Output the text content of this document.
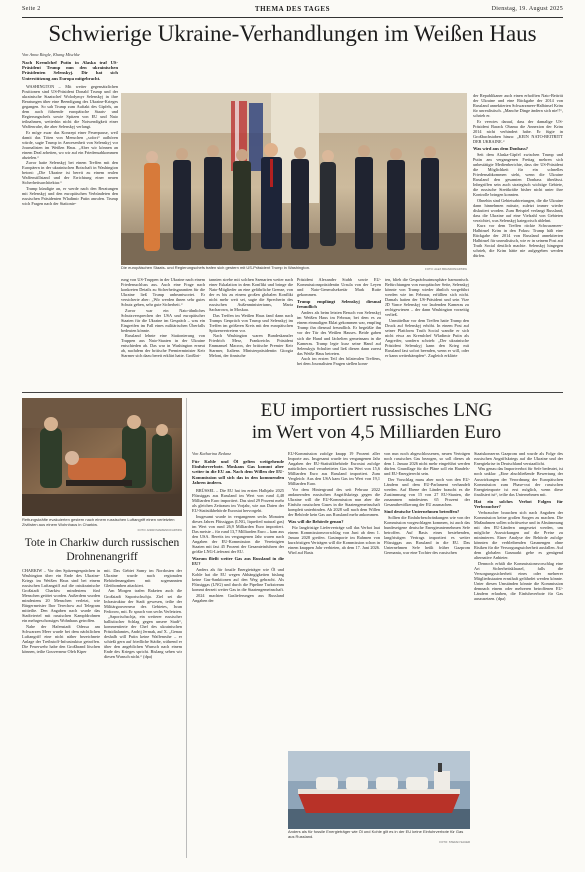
Seite 2	THEMA DES TAGES	Dienstag, 19. August 2025
Schwierige Ukraine-Verhandlungen im Weißen Haus
Von Anna Ringle, Khang Mischke

Nach Kremlchef Putin in Alaska traf US-Präsident Trump nun den ukrainischen Präsidenten Selenskyj. Dir hat sich Unterstützung aus Europa mitgebracht.

WASHINGTON – Mit weiter gegensätzlichen Positionen sind US-Präsident Donald Trump und der ukrainische Staatschef Wolodymyr Selenskyj in ihre Beratungen über eine Beendigung des Ukraine-Krieges gegangen. So sah Trump zum Auftakt des Gipfels, an dem auch führende europäische Staats- und Regierungschefs sowie Spitzen von EU und Nato teilnahmen, weiterhin nicht die Notwendigkeit einer Waffenruhe, die aber Selenskyj verlangt.

Er möge zwar das Konzept einer Feuerpause, weil damit das Töten von Menschen „sofort“ aufhören würde, sagte Trump in Anwesenheit von Selenskyj vor Journalisten im Weißen Haus. „Aber wir können an einem Deal arbeiten, wo wir auf ein Friedensabkommen abzielen.“

Zuvor hatte Selenskyj bei einem Treffen mit den Europäern in der ukrainischen Botschaft in Washington betont: „Die Ukraine ist bereit zu einem realen Waffenstillstand und der Errichtung einer neuen Sicherheitsarchitektur.“

Trump kündigte an, er werde nach den Beratungen mit Selenskyj und den europäischen Verbündeten den russischen Präsidenten Wladimir Putin anrufen. Trump wich Fragen nach der Stationie-

Die europäischen Staats- und Regierungschefs trafen sich gestern mit US-Präsident Trump in Washington.	FOTO: ALEX BRANDON/AP/DPA

rung von US-Truppen in der Ukraine nach einem Friedensschluss aus. Auch eine Frage nach konkreten Details zu Sicherheitsgarantien für die Ukraine ließ Trump unbeantwortet. Er versicherte aber: „Wir werden ihnen sehr gutes Schutz geben, sehr gute Sicherheit.“

Zuvor war ein Nato-ähnliches Schutzversprechen der USA und europäischer Staaten für die Ukraine im Gespräch – was ein Eingreifen im Fall eines militärischen Überfalls bedeuten könnte.

Russland lehnte eine Stationierung von Truppen aus Nato-Staaten in der Ukraine entschieden ab. Das war in Washington erneut ab, nachdem der britische Premierminister Keir Starmer sich dazu bereit erklärt hatte. Großbri-

tannien strebe mit solchen Szenarien weiter nach einer Eskalation in dem Konflikt und bringe die Nato-Mitglieder an eine gefährliche Grenze, von der es bis zu einem großen globalen Konflikt nicht mehr weit sei, sagte die Sprecherin des russischen Außenministeriums, Maria Sacharowa, in Moskau.

Das Treffen im Weißen Haus fand dann nach Trumps Gespräch von Trump und Selenskyj im Treffen im größeren Kreis mit den europäischen Spitzenvertretern vor.

Nach Washington waren Bundeskanzler Friedrich Merz, Frankreichs Präsident Emmanuel Macron, der britische Premier Keir Starmer, Italiens Ministerpräsidentin Giorgia Meloni, der finnische

Präsident Alexander Stubb sowie EU-Kommissionspräsidentin Ursula von der Leyen und Nato-Generalsekretär Mark Rutte gekommen.

Trump empfängt Selenskyj diesmal freundlich

Anders als beim letzten Besuch von Selenskyj im Weißen Haus im Februar, bei dem es zu einem einmaligen Eklat gekommen war, empfing Trump ihn diesmal freundlich. Er begrüßte ihn vor der Tür des Weißen Hauses. Beide gaben sich die Hand und lächelten gemeinsam in die Kameras. Trump legte kurz seine Hand auf Selenskyjs Schulter und ließ diesen dann zuerst das Weiße Haus betreten.

Auch im ersten Teil des bilateralen Treffens, bei dem Journalisten Fragen stellen konn-

ten, blieb die Gesprächsatmosphäre harmonisch. Befürchtungen von europäischer Seite, Selenskyj könnte von Trump wieder ähnlich vorgeführt werden wie im Februar, erfüllten sich nicht. Damals hatten der US-Präsident und sein Vize JD Vance Selenskyj vor laufenden Kameras zu rechtgewiesen – der dann Washington vorzeitig verließ.

Unmittelbar vor dem Treffen hatte Trump den Druck auf Selenskyj erhöht. In einem Post auf seiner Plattform Truth Social wandte er sich nicht etwa an Kremlchef Wladimir Putin als Angreifer, sondern schrieb: „Der ukrainische Präsident Selenskyj kann den Krieg mit Russland fast sofort beenden, wenn er will, oder er kann weiterkämpfen“. Zugleich erklärte

der Republikaner auch einen erhofften Nato-Beitritt der Ukraine und eine Rückgabe der 2014 von Russland annektierten Schwarzmeer-Halbinsel Krim für unrealistisch. „Manche Dinge ändern sich nie!!“, schrieb er.

Er verwies darauf, dass der damalige US-Präsident Barack Obama die Annexion der Krim 2014 nicht verhindert habe. Er fügte in Großbuchstaben hinzu: „KEIN NATO-BEITRITT DER UKRAINE.“

Was wird aus dem Donbass?

Seit dem Alaska-Gipfel zwischen Trump und Putin am vergangenen Freitag mehren sich unbestätigte Medienberichte, dass der US-Präsident die Möglichkeit für ein schnelles Friedensabkommen sieht, wenn die Ukraine Russland den gesamten Donbass überlässt. Inbegriffen sein auch strategisch wichtige Gebiete, die russische Streitkräfte bisher nicht unter ihre Kontrolle bringen konnten.

Ohnehin sind Gebietsabtretungen, die die Ukraine dann hinnehmen müsste, zuletzt immer wieder diskutiert worden. Zum Beispiel verlangt Russland, dass die Ukraine auf eine Vielzahl von Gebieten verzichtet, was Selenskyj kategorisch ablehnt.

Kurz vor dem Treffen rückte Schwarzmeer-Halbinsel Krim in den Fokus: Trump hält eine Rückgabe der 2014 von Russland annektierten Halbinsel für unrealistisch, wie er in seinem Post auf Truth Social deutlich machte. Selenskyj hingegen schrieb, die Krim hätte nie aufgegeben werden dürfen.

Rettungskräfte evakuierten gestern nach einem russischen Luftangriff einen verletzten Zivilisten aus einem Wohnhaus in Charkiw.
FOTO: ANDRI MARIENKO/AP/DPA
Tote in Charkiw durch russischen Drohnenangriff

CHARKIW – Vor den Spitzengesprächen in Washington über ein Ende des Ukraine-Kriegs im Weißen Haus sind bei einem russischen Luftangriff auf die ostukrainische Großstadt Charkiw mindestens fünf Menschen getötet worden. Außerdem wurden mindestens 20 Menschen verletzt, wie Bürgermeister Ihor Terechow auf Telegram mitteilte. Den Angaben nach wurde das Stadtviertel mit russischen Kampfdrohnen ein mehrgeschossiges Wohnhaus getroffen.

Nahe der Hafenstadt Odessa am Schwarzen Meer wurde bei dem nächtlichen Luftangriff eine nicht näher bezeichnete Anlage der Treibstoff-Infrastruktur getroffen. Die Feuerwehr habe den Großbrand löschen können, teilte Gouverneur Oleh Kiper

mit. Das Gebiet Sumy im Nordosten der Ukraine wurde nach regionalen Behördenangaben mit sogenannten Gleitbomben attackiert.

Am Morgen trafen Raketen auch die Großstadt Saporischschja. Ziel sei die Infrastruktur der Stadt gewesen, teilte der Militärgouverneur des Gebietes, Iwan Fedorow, mit. Er sprach von sechs Verletzten.

„Saporischschja, ein weiterer russischer ballistischer Schlag gegen unsere Stadt“, kommentierte der Chef des ukrainischen Präsidialamtes, Andrij Jermak, auf X. „Genau deshalb will Putin keine Waffenruhe – er schießt gern auf friedliche Städte, während er über den angeblichen Wunsch nach einem Ende des Krieges spricht. Bislang sehen wir diesen Wunsch nicht.“ (dpa)

EU importiert russisches LNG
im Wert von 4,5 Milliarden Euro
Von Katharina Redanz

Für Kohle und Öl gelten weitgehende Einfuhrverbote. Moskaus Gas kommt aber weiter in die EU an. Nach dem Willen der EU-Kommission soll sich das in den kommenden Jahren ändern.

BRÜSSEL – Die EU hat im ersten Halbjahr 2025 Flüssiggas aus Russland im Wert von rund 4,48 Milliarden Euro importiert. Das sind 29 Prozent mehr als gleichen Zeitraum im Vorjahr, wie aus Daten der EU-Statistikbehörde Eurostat hervorgeht.

Insgesamt wurde in vergangenen sechs Monaten dieses Jahres Flüssiggas (LNG, liquefied natural gas) im Wert von rund 26,9 Milliarden Euro importiert. Das meiste – für rund 13,7 Milliarden Euro – kam aus den USA. Bereits im vergangenen Jahr waren nach Angaben der EU-Kommission die Vereinigten Staaten mit fast 45 Prozent der Gesamteinfuhren der größte LNG-Lieferant der EU.

Warum fließt weiter Gas aus Russland in die EU?

Anders als für fossile Energieträger wie Öl und Kohle hat die EU wegen Abhängigkeiten bislang keine Gas-Sanktionen auf den Weg gebracht. Als Flüssiggas (LNG) und durch die Pipeline Turkstream kommt derzeit weiter Gas in die Staatengemeinschaft.

2024 machten Gaslieferungen aus Russland Angaben der

EU-Kommission zufolge knapp 19 Prozent aller Importe aus. Insgesamt wurde im vergangenen Jahr Angaben der EU-Statistikbehörde Eurostat zufolge natürliches und verarbeitetes Gas im Wert von 15,6 Milliarden Euro aus Russland importiert. Zum Vergleich: Aus den USA kam Gas im Wert von 19,1 Milliarden Euro.

Vor dem Hintergrund des seit Februar 2022 andauernden russischen Angriffskriegs gegen die Ukraine will die EU-Kommission nun aber die Einfuhr russischen Gases in die Staatengemeinschaft komplett unterbinden. Ab 2028 soll nach dem Willen der Behörde kein Gas aus Russland mehr ankommen.

Was will die Behörde genau?

Für langfristige Lieferverträge soll das Verbot laut einem Kommissionsvorschlag von Juni ab dem 1. Januar 2028 greifen. Gasimporte im Rahmen von kurzfristigen Verträgen will die Kommission schon in einem knappen Jahr verbieten, ab dem 17. Juni 2026. Wird auf Basis

von nun noch abgeschlossenen, neuen Verträgen noch russisches Gas bezogen, so soll dieses ab dem 1. Januar 2026 nicht mehr eingeführt werden dürfen. Grundlage für die Pläne soll ein Handels- und EU-Energierecht sein.

Der Vorschlag muss aber noch von den EU-Ländern und dem EU-Parlament verhandelt werden. Auf Ebene der Länder braucht es die Zustimmung von 15 von 27 EU-Staaten, die zusammen mindestens 65 Prozent der Gesamtbevölkerung der EU ausmachen.

Sind deutsche Unternehmen betroffen?

Sollten die Einfuhrbeschränkungen wie von der Kommission vorgeschlagen kommen, ist auch das bundeseigene deutsche Energieunternehmen Sefe betroffen. Auf Basis eines bestehenden, langfristigen Vertrags importiert es weiter Flüssiggas aus Russland in die EU. Das Unternehmen Sefe heißt früher Gazprom Germania, war eine Tochter des russischen

Anders als für fossile Energieträger wie Öl und Kohle gilt es in der EU keine Einfuhrverbote für Gas aus Russland.
FOTO: STEFAN SAUER

Staatskonzerns Gazprom und wurde als Folge des russischen Angriffskriegs auf die Ukraine und der Energiekrise in Deutschland verstaatlicht.

Was genau das Importverbot für Sefe bedeutet, ist noch unklar: „Eine abschließende Bewertung der Auswirkungen der Verordnung der Europäischen Kommission zum Phase-out der russischen Energieimporte ist erst möglich, wenn diese finalisiert ist“, teilte das Unternehmen mit.

Hat ein solches Verbot Folgen für Verbraucher?

Verbraucher brauchen sich nach Angaben der Kommission keine großen Sorgen zu machen. Die Maßnahmen sollen schrittweise und in Abstimmung mit den EU-Ländern umgesetzt werden, um mögliche Auswirkungen auf die Preise zu minimieren. Einer Analyse der Behörde zufolge könnten die verbleibenden Gasmengen ohne Risiken für die Versorgungssicherheit ausfallen. Auf dem globalen Gasmarkt gebe es genügend alternative Anbieter.

Dennoch erhält die Kommissionsvorschlag eine Art Sicherheitsklausel, falls die Versorgungssicherheit eines oder mehrerer Mitgliedsstaaten ernsthaft gefährdet werden könnte. Unter diesen Umständen könnte die Kommission demnach einem oder mehreren betroffenen EU-Ländern erlauben, die Einfuhrverbote für Gas auszusetzen. (dpa)
